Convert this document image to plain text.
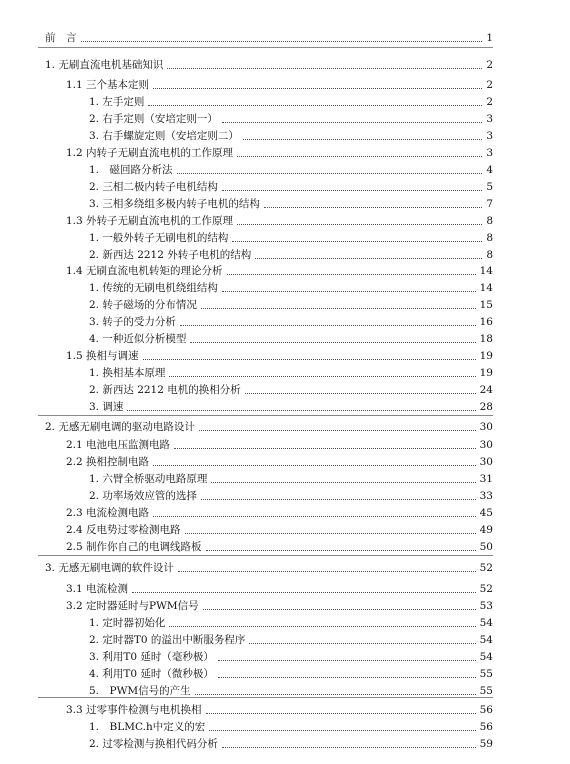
前　言	1
1. 无刷直流电机基础知识	2
1.1 三个基本定则	2
1. 左手定则	2
2. 右手定则（安培定则一）	3
3. 右手螺旋定则（安培定则二）	3
1.2 内转子无刷直流电机的工作原理	3
1.　磁回路分析法	4
2. 三相二极内转子电机结构	5
3. 三相多绕组多极内转子电机的结构	7
1.3 外转子无刷直流电机的工作原理	8
1. 一般外转子无刷电机的结构	8
2. 新西达 2212 外转子电机的结构	8
1.4 无刷直流电机转矩的理论分析	14
1. 传统的无刷电机绕组结构	14
2. 转子磁场的分布情况	15
3. 转子的受力分析	16
4. 一种近似分析模型	18
1.5 换相与调速	19
1. 换相基本原理	19
2. 新西达 2212 电机的换相分析	24
3. 调速	28
2. 无感无刷电调的驱动电路设计	30
2.1 电池电压监测电路	30
2.2 换相控制电路	30
1. 六臂全桥驱动电路原理	31
2. 功率场效应管的选择	33
2.3 电流检测电路	45
2.4 反电势过零检测电路	49
2.5 制作你自己的电调线路板	50
3. 无感无刷电调的软件设计	52
3.1 电流检测	52
3.2 定时器延时与PWM信号	53
1. 定时器初始化	54
2. 定时器T0 的溢出中断服务程序	54
3. 利用T0 延时（毫秒极）	54
4. 利用T0 延时（微秒极）	55
5.　PWM信号的产生	55
3.3 过零事件检测与电机换相	56
1.　BLMC.h中定义的宏	56
2. 过零检测与换相代码分析	59
